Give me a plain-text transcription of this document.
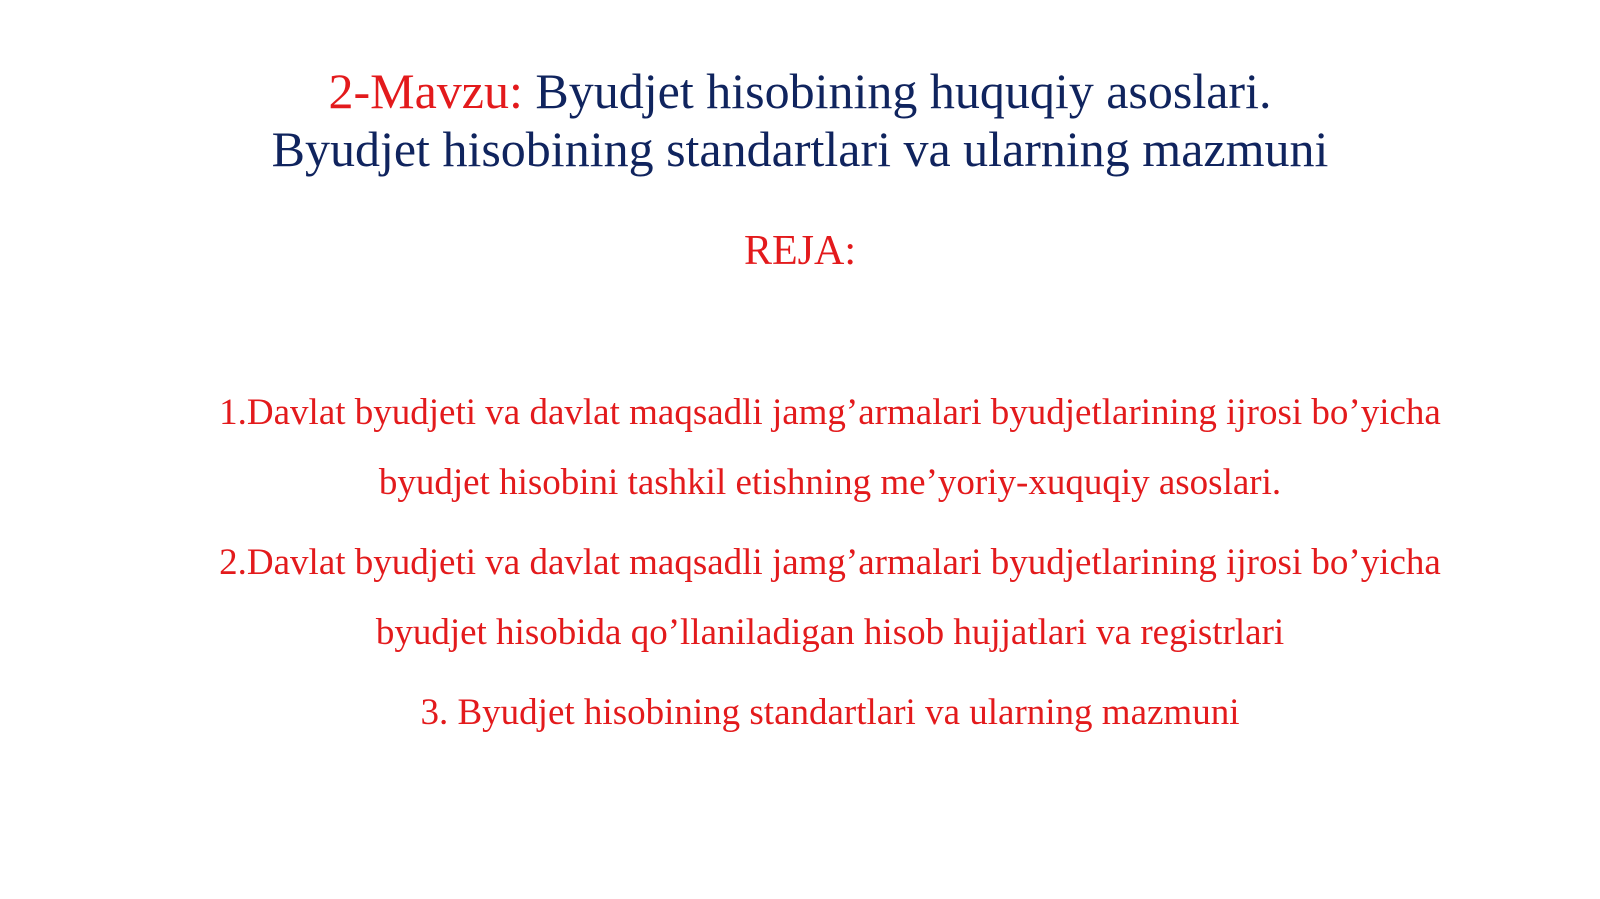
2-Mavzu: Byudjet hisobining huquqiy asoslari.
Byudjet hisobining standartlari va ularning mazmuni
REJA:
1.Davlat byudjeti va davlat maqsadli jamg’armalari byudjetlarining ijrosi bo’yicha
byudjet hisobini tashkil etishning me’yoriy-xuquqiy asoslari.
2.Davlat byudjeti va davlat maqsadli jamg’armalari byudjetlarining ijrosi bo’yicha
byudjet hisobida qo’llaniladigan hisob hujjatlari va registrlari
3. Byudjet hisobining standartlari va ularning mazmuni
